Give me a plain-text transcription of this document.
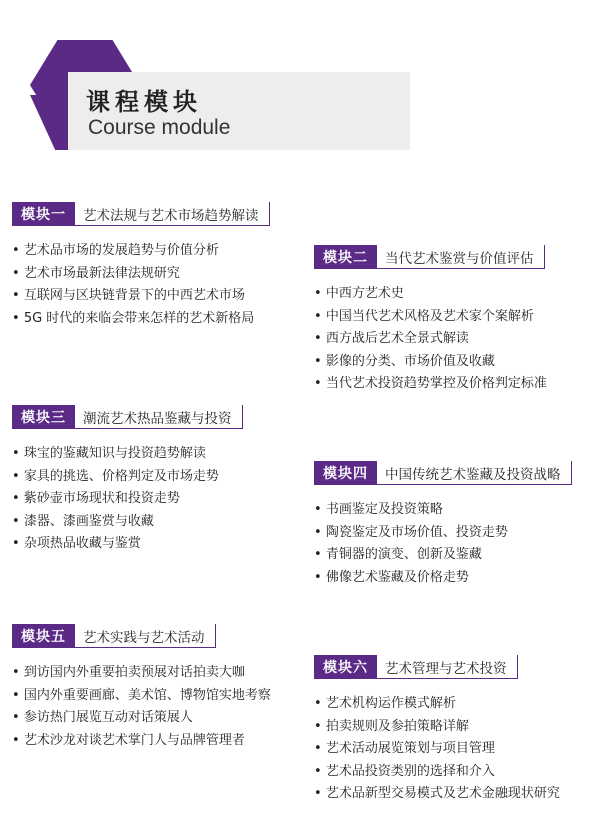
课程模块
Course module
模块一	艺术法规与艺术市场趋势解读
• 艺术品市场的发展趋势与价值分析
• 艺术市场最新法律法规研究
• 互联网与区块链背景下的中西艺术市场
• 5G 时代的来临会带来怎样的艺术新格局
模块二	当代艺术鉴赏与价值评估
• 中西方艺术史
• 中国当代艺术风格及艺术家个案解析
• 西方战后艺术全景式解读
• 影像的分类、市场价值及收藏
• 当代艺术投资趋势掌控及价格判定标准
模块三	潮流艺术热品鉴藏与投资
• 珠宝的鉴藏知识与投资趋势解读
• 家具的挑选、价格判定及市场走势
• 紫砂壶市场现状和投资走势
• 漆器、漆画鉴赏与收藏
• 杂项热品收藏与鉴赏
模块四	中国传统艺术鉴藏及投资战略
• 书画鉴定及投资策略
• 陶瓷鉴定及市场价值、投资走势
• 青铜器的演变、创新及鉴藏
• 佛像艺术鉴藏及价格走势
模块五	艺术实践与艺术活动
• 到访国内外重要拍卖预展对话拍卖大咖
• 国内外重要画廊、美术馆、博物馆实地考察
• 参访热门展览互动对话策展人
• 艺术沙龙对谈艺术掌门人与品牌管理者
模块六	艺术管理与艺术投资
• 艺术机构运作模式解析
• 拍卖规则及参拍策略详解
• 艺术活动展览策划与项目管理
• 艺术品投资类别的选择和介入
• 艺术品新型交易模式及艺术金融现状研究
